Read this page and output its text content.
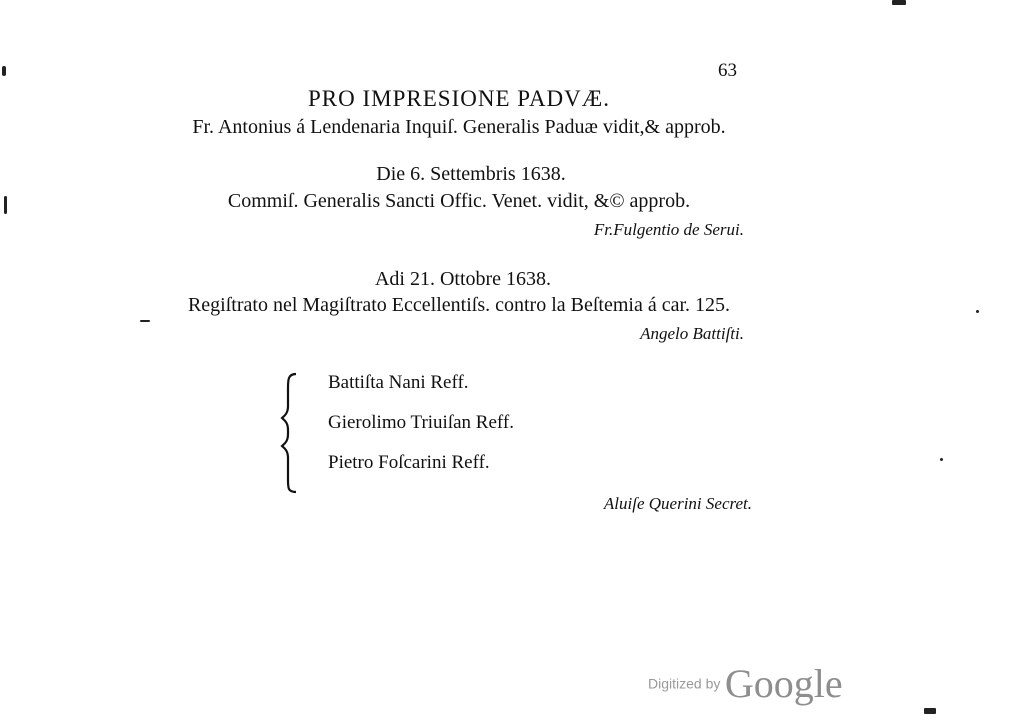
63
PRO IMPRESIONE PADVÆ.
Fr. Antonius á Lendenaria Inquiſ. Generalis Paduæ vidit,& approb.
Die 6. Settembris 1638.
Commiſ. Generalis Sancti Offic. Venet. vidit, &© approb.
Fr.Fulgentio de Serui.
Adi 21. Ottobre 1638.
Regiſtrato nel Magiſtrato Eccellentiſs. contro la Beſtemia á car. 125.
Angelo Battiſti.
Battiſta Nani Reff.
Gierolimo Triuiſan Reff.
Pietro Foſcarini Reff.
Aluiſe Querini Secret.
Digitized by Google
